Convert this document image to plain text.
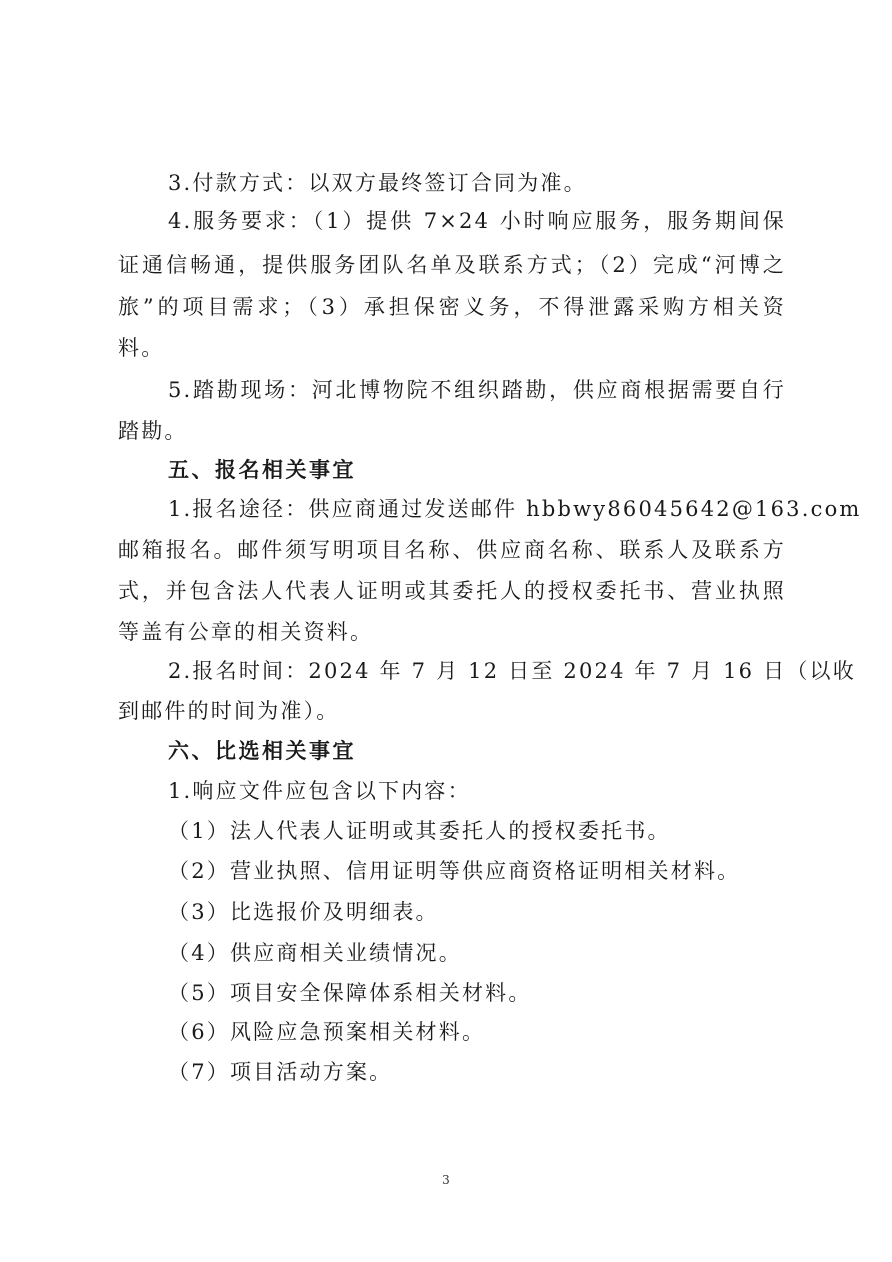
3.付款方式：以双方最终签订合同为准。
4.服务要求：（1）提供 7×24 小时响应服务，服务期间保
证通信畅通，提供服务团队名单及联系方式；（2）完成“河博之
旅”的项目需求；（3）承担保密义务，不得泄露采购方相关资
料。
5.踏勘现场：河北博物院不组织踏勘，供应商根据需要自行
踏勘。
五、报名相关事宜
1.报名途径：供应商通过发送邮件 hbbwy86045642@163.com
邮箱报名。邮件须写明项目名称、供应商名称、联系人及联系方
式，并包含法人代表人证明或其委托人的授权委托书、营业执照
等盖有公章的相关资料。
2.报名时间：2024 年 7 月 12 日至 2024 年 7 月 16 日（以收
到邮件的时间为准）。
六、比选相关事宜
1.响应文件应包含以下内容：
（1）法人代表人证明或其委托人的授权委托书。
（2）营业执照、信用证明等供应商资格证明相关材料。
（3）比选报价及明细表。
（4）供应商相关业绩情况。
（5）项目安全保障体系相关材料。
（6）风险应急预案相关材料。
（7）项目活动方案。
3
